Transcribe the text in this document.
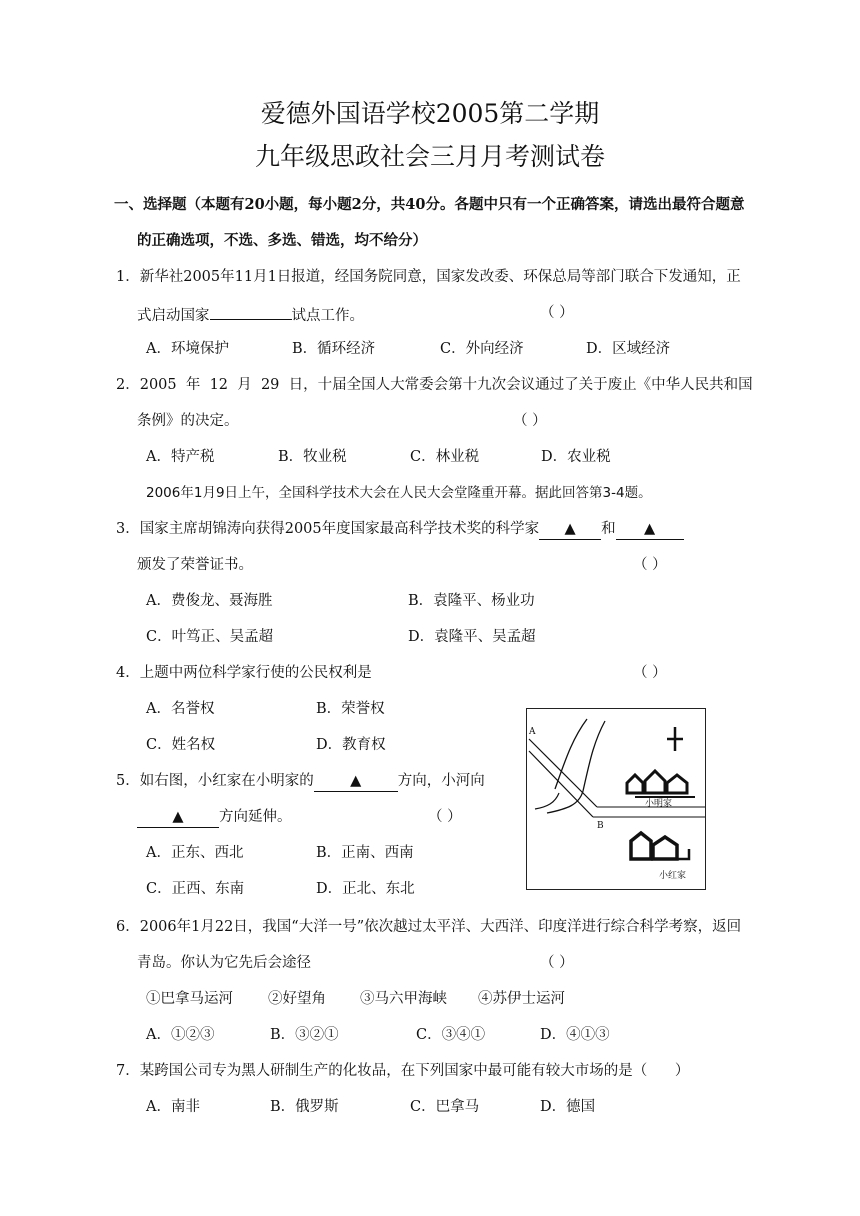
爱德外国语学校2005第二学期
九年级思政社会三月月考测试卷
一、选择题（本题有20小题，每小题2分，共40分。各题中只有一个正确答案，请选出最符合题意
的正确选项，不选、多选、错选，均不给分）
1．新华社2005年11月1日报道，经国务院同意，国家发改委、环保总局等部门联合下发通知，正
式启动国家	试点工作。	（ ）
A．环境保护	B．循环经济	C．外向经济	D．区域经济
2．2005  年  12  月  29  日，十届全国人大常委会第十九次会议通过了关于废止《中华人民共和国
条例》的决定。	（ ）
A．特产税	B．牧业税	C．林业税	D．农业税
2006年1月9日上午，全国科学技术大会在人民大会堂隆重开幕。据此回答第3-4题。
3．国家主席胡锦涛向获得2005年度国家最高科学技术奖的科学家 ▲ 和 ▲
颁发了荣誉证书。	（ ）
A．费俊龙、聂海胜	B．袁隆平、杨业功
C．叶笃正、吴孟超	D．袁隆平、吴孟超
4．上题中两位科学家行使的公民权利是	（ ）
A．名誉权	B．荣誉权
C．姓名权	D．教育权
5．如右图，小红家在小明家的	▲	方向，小河向
▲ 方向延伸。	（ ）
A．正东、西北	B．正南、西南
C．正西、东南	D．正北、东北
A
B
小明家
小红家
6．2006年1月22日，我国“大洋一号”依次越过太平洋、大西洋、印度洋进行综合科学考察，返回
青岛。你认为它先后会途径	（ ）
①巴拿马运河 ②好望角 ③马六甲海峡 ④苏伊士运河
A．①②③	B．③②①	C．③④①	D．④①③
7．某跨国公司专为黑人研制生产的化妆品，在下列国家中最可能有较大市场的是（      ）
A．南非	B．俄罗斯	C．巴拿马	D．德国
